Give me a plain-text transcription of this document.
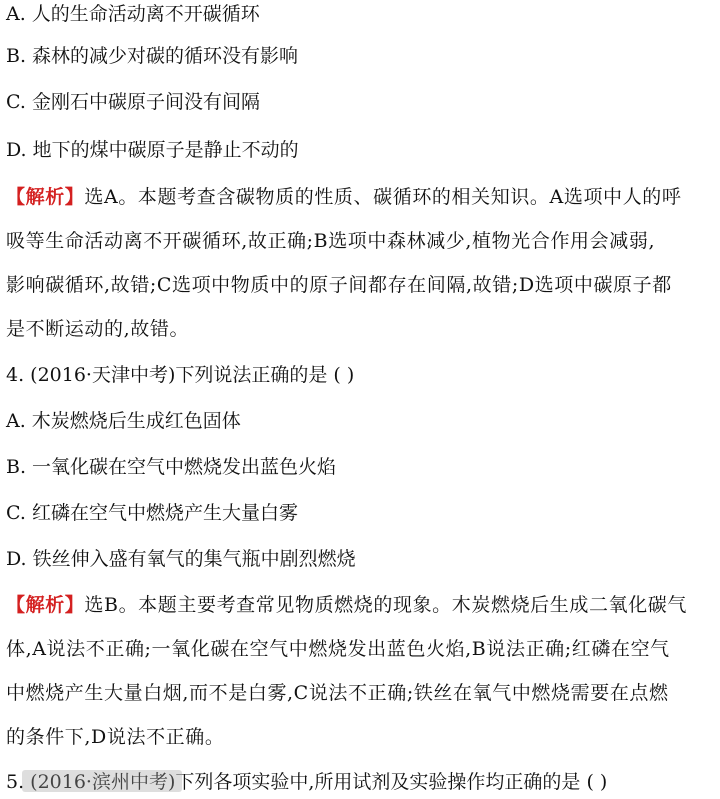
A. 人的生命活动离不开碳循环
B. 森林的减少对碳的循环没有影响
C. 金刚石中碳原子间没有间隔
D. 地下的煤中碳原子是静止不动的
【解析】选A。本题考查含碳物质的性质、碳循环的相关知识。A选项中人的呼
吸等生命活动离不开碳循环,故正确;B选项中森林减少,植物光合作用会减弱,
影响碳循环,故错;C选项中物质中的原子间都存在间隔,故错;D选项中碳原子都
是不断运动的,故错。
4. (2016·天津中考)下列说法正确的是 ( )
A. 木炭燃烧后生成红色固体
B. 一氧化碳在空气中燃烧发出蓝色火焰
C. 红磷在空气中燃烧产生大量白雾
D. 铁丝伸入盛有氧气的集气瓶中剧烈燃烧
【解析】选B。本题主要考查常见物质燃烧的现象。木炭燃烧后生成二氧化碳气
体,A说法不正确;一氧化碳在空气中燃烧发出蓝色火焰,B说法正确;红磷在空气
中燃烧产生大量白烟,而不是白雾,C说法不正确;铁丝在氧气中燃烧需要在点燃
的条件下,D说法不正确。
5. (2016·滨州中考)下列各项实验中,所用试剂及实验操作均正确的是 ( )
